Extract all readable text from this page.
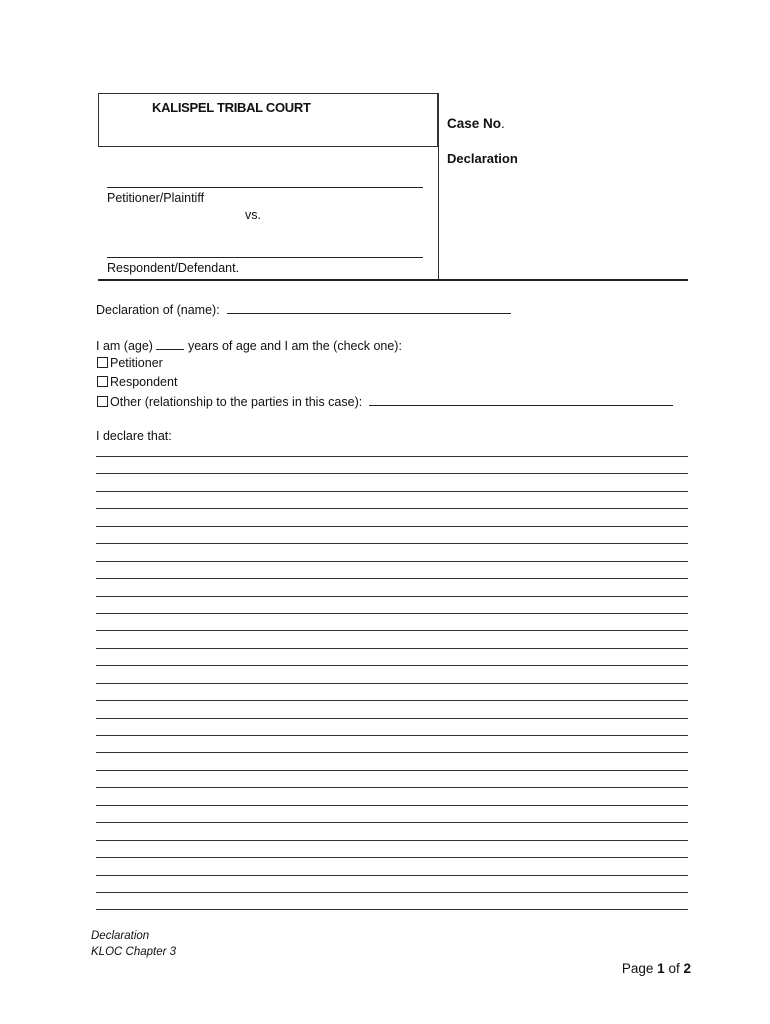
KALISPEL TRIBAL COURT
Case No.
Declaration
Petitioner/Plaintiff
vs.
Respondent/Defendant.
Declaration of (name):
I am (age)	years of age and I am the (check one):
Petitioner
Respondent
Other (relationship to the parties in this case):
I declare that:
Declaration
KLOC Chapter 3
Page 1 of 2
